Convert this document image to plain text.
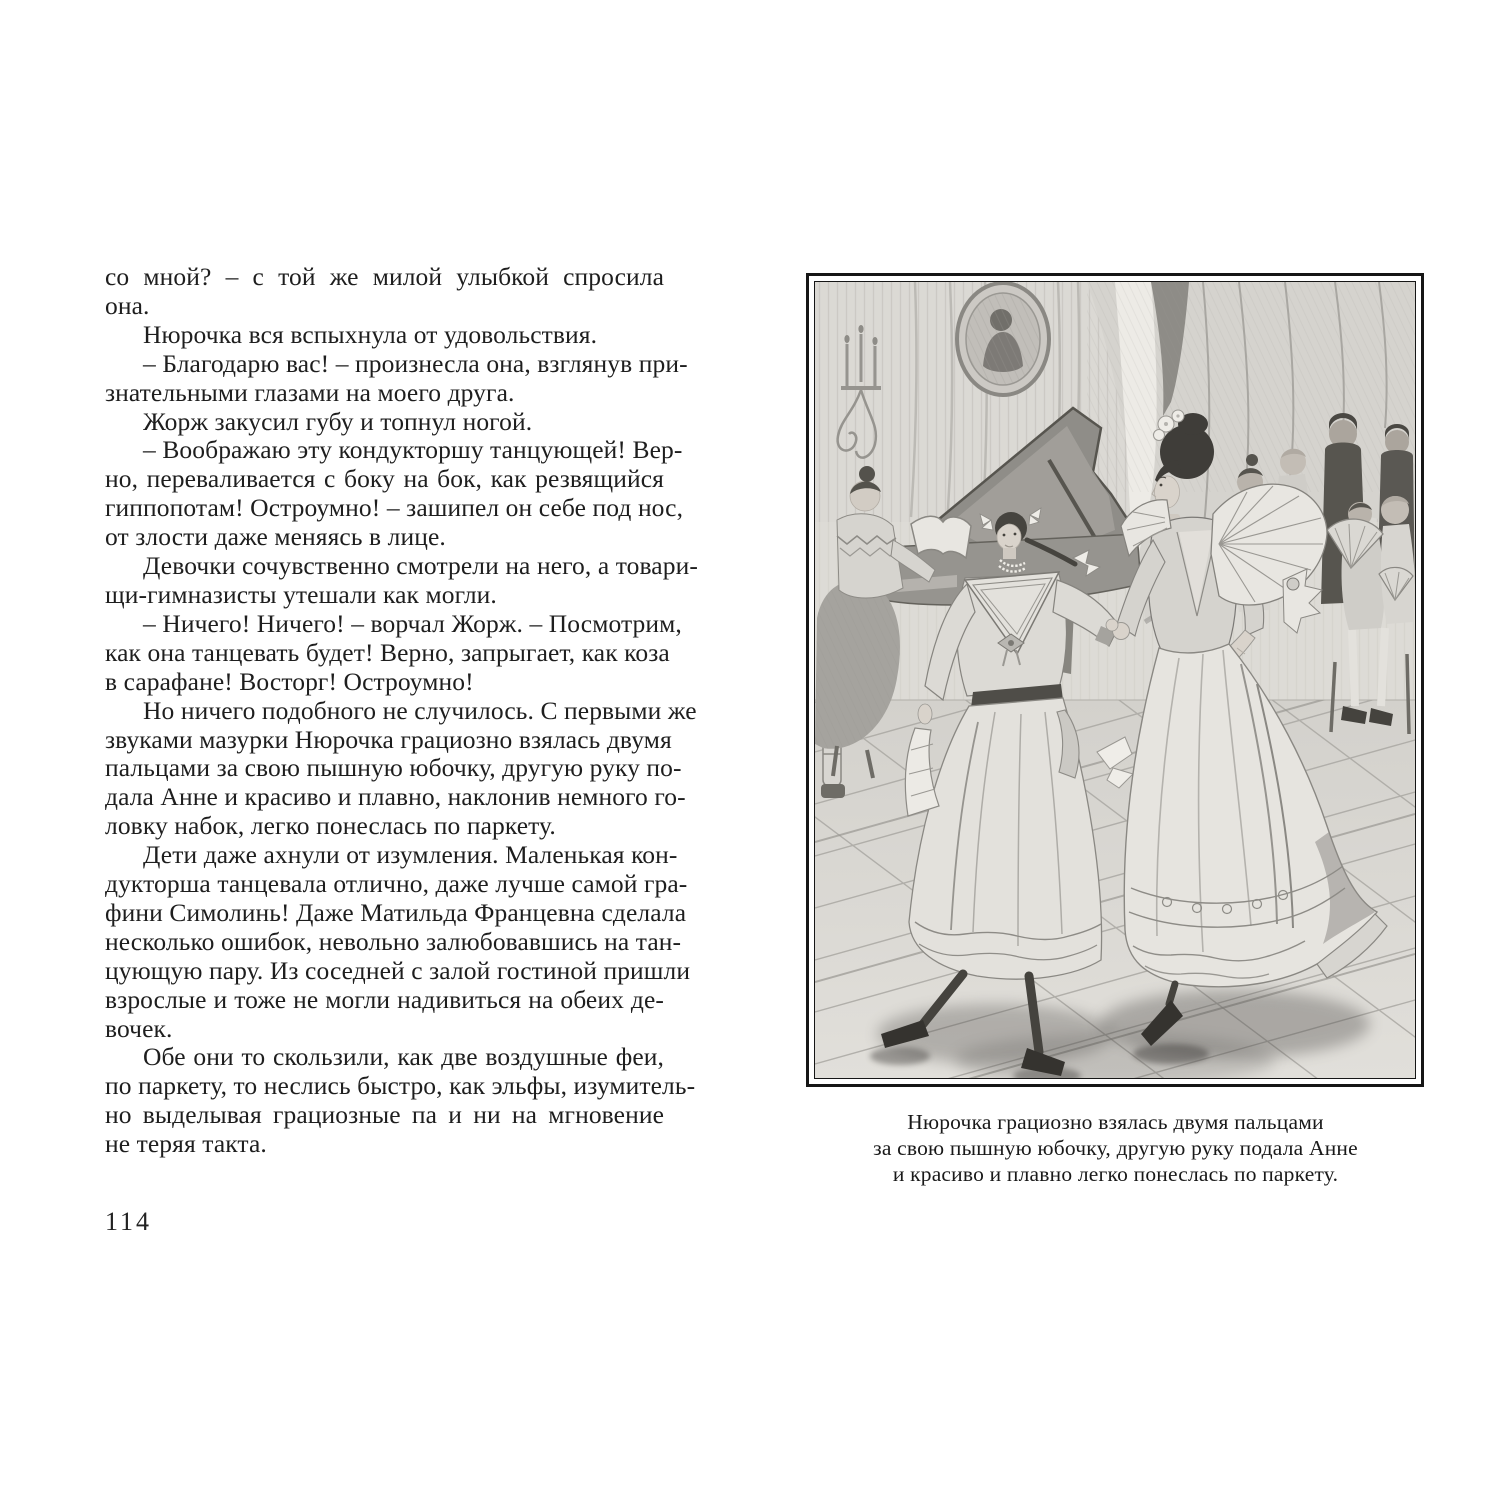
со мной? – с той же милой улыбкой спросила
она.
Нюрочка вся вспыхнула от удовольствия.
– Благодарю вас! – произнесла она, взглянув при-
знательными глазами на моего друга.
Жорж закусил губу и топнул ногой.
– Воображаю эту кондукторшу танцующей! Вер-
но, переваливается с боку на бок, как резвящийся
гиппопотам! Остроумно! – зашипел он себе под нос,
от злости даже меняясь в лице.
Девочки сочувственно смотрели на него, а товари-
щи-гимназисты утешали как могли.
– Ничего! Ничего! – ворчал Жорж. – Посмотрим,
как она танцевать будет! Верно, запрыгает, как коза
в сарафане! Восторг! Остроумно!
Но ничего подобного не случилось. С первыми же
звуками мазурки Нюрочка грациозно взялась двумя
пальцами за свою пышную юбочку, другую руку по-
дала Анне и красиво и плавно, наклонив немного го-
ловку набок, легко понеслась по паркету.
Дети даже ахнули от изумления. Маленькая кон-
дукторша танцевала отлично, даже лучше самой гра-
фини Симолинь! Даже Матильда Францевна сделала
несколько ошибок, невольно залюбовавшись на тан-
цующую пару. Из соседней с залой гостиной пришли
взрослые и тоже не могли надивиться на обеих де-
вочек.
Обе они то скользили, как две воздушные феи,
по паркету, то неслись быстро, как эльфы, изумитель-
но выделывая грациозные па и ни на мгновение
не теряя такта.
114
Нюрочка грациозно взялась двумя пальцами
за свою пышную юбочку, другую руку подала Анне
и красиво и плавно легко понеслась по паркету.
